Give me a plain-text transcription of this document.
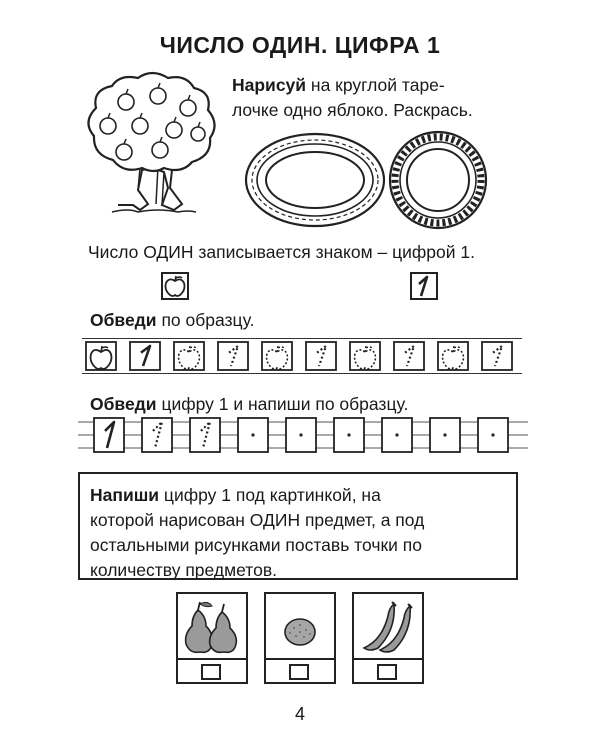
ЧИСЛО ОДИН. ЦИФРА 1
Нарисуй на круглой таре-
лочке одно яблоко. Раскрась.
Число ОДИН записывается знаком – цифрой 1.
Обведи по образцу.
Обведи цифру 1 и напиши по образцу.
Напиши цифру 1 под картинкой, на
которой нарисован ОДИН предмет, а под
остальными рисунками поставь точки по
количеству предметов.
4
